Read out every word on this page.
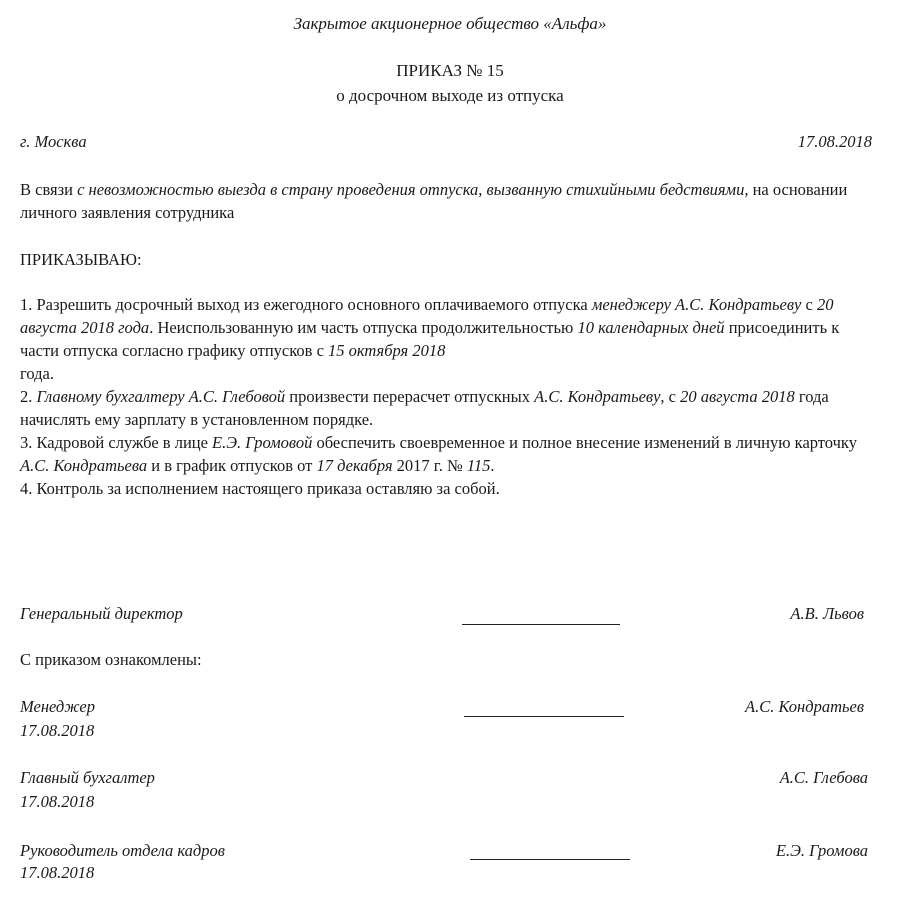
Закрытое акционерное общество «Альфа»
ПРИКАЗ № 15
о досрочном выходе из отпуска
г. Москва	17.08.2018

В связи с невозможностью выезда в страну проведения отпуска, вызванную стихийными бедствиями, на основании личного заявления сотрудника

ПРИКАЗЫВАЮ:

1. Разрешить досрочный выход из ежегодного основного оплачиваемого отпуска менеджеру А.С. Кондратьеву с 20 августа 2018 года. Неиспользованную им часть отпуска продолжительностью 10 календарных дней присоединить к части отпуска согласно графику отпусков с 15 октября 2018
года.

2. Главному бухгалтеру А.С. Глебовой произвести перерасчет отпускных А.С. Кондратьеву, с 20 августа 2018 года начислять ему зарплату в установленном порядке.

3. Кадровой службе в лице Е.Э. Громовой обеспечить своевременное и полное внесение изменений в личную карточку А.С. Кондратьева и в график отпусков от 17 декабря 2017 г. № 115.

4. Контроль за исполнением настоящего приказа оставляю за собой.

Генеральный директор	А.В. Львов
С приказом ознакомлены:
Менеджер
17.08.2018
А.С. Кондратьев
Главный бухгалтер
17.08.2018
А.С. Глебова
Руководитель отдела кадров
17.08.2018
Е.Э. Громова
